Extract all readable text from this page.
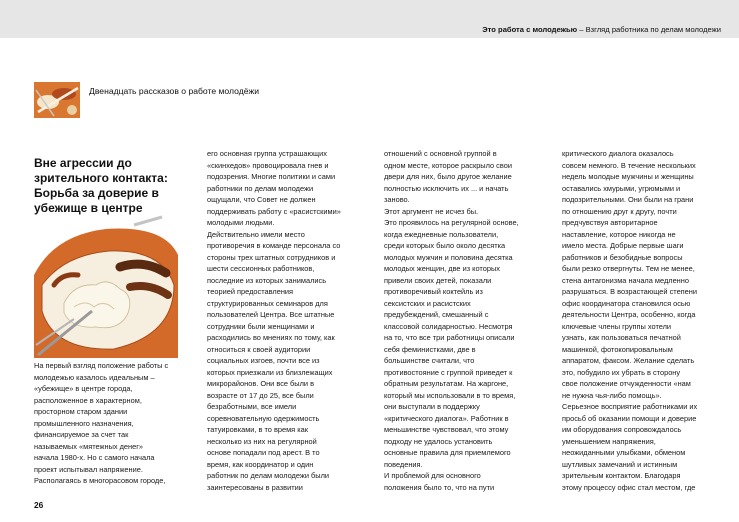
Это работа с молодежью – Взгляд работника по делам молодежи
Двенадцать рассказов о работе молодёжи
Вне агрессии до зрительного контакта: Борьба за доверие в убежище в центре
На первый взгляд положение работы с
молодежью казалось идеальным –
«убежище» в центре города,
расположенное в характерном,
просторном старом здании
промышленного назначения,
финансируемое за счет так
называемых «мятежных денег»
начала 1980-х. Но с самого начала
проект испытывал напряжение.
Располагаясь в многорасовом городе,
его основная группа устрашающих
«скинхедов» провоцировала гнев и
подозрения. Многие политики и сами
работники по делам молодежи
ощущали, что Совет не должен
поддерживать работу с «расистскими»
молодыми людьми.
Действительно имели место
противоречия в команде персонала со
стороны трех штатных сотрудников и
шести сессионных работников,
последние из которых занимались
теорией предоставления
структурированных семинаров для
пользователей Центра. Все штатные
сотрудники были женщинами и
расходились во мнениях по тому, как
относиться к своей аудитории
социальных изгоев, почти все из
которых приезжали из близлежащих
микрорайонов. Они все были в
возрасте от 17 до 25, все были
безработными, все имели
соревновательную одержимость
татуировками, в то время как
несколько из них на регулярной
основе попадали под арест. В то
время, как координатор и один
работник по делам молодежи были
заинтересованы в развитии
отношений с основной группой в
одном месте, которое раскрыло свои
двери для них, было другое желание
полностью исключить их ... и начать
заново.
Этот аргумент не исчез бы.
Это проявилось на регулярной основе,
когда ежедневные пользователи,
среди которых было около десятка
молодых мужчин и половина десятка
молодых женщин, две из которых
привели своих детей, показали
противоречивый коктейль из
сексистских и расистских
предубеждений, смешанный с
классовой солидарностью. Несмотря
на то, что все три работницы описали
себя феминистками, две в
большинстве считали, что
противостояние с группой приведет к
обратным результатам. На жаргоне,
который мы использовали в то время,
они выступали в поддержку
«критического диалога». Работник в
меньшинстве чувствовал, что этому
подходу не удалось установить
основные правила для приемлемого
поведения.
И проблемой для основного
положения было то, что на пути
критического диалога оказалось
совсем немного. В течение нескольких
недель молодые мужчины и женщины
оставались хмурыми, угрюмыми и
подозрительными. Они были на грани
по отношению друг к другу, почти
предчувствуя авторитарное
наставление, которое никогда не
имело места. Добрые первые шаги
работников и безобидные вопросы
были резко отвергнуты. Тем не менее,
стена антагонизма начала медленно
разрушаться. В возрастающей степени
офис координатора становился осью
деятельности Центра, особенно, когда
ключевые члены группы хотели
узнать, как пользоваться печатной
машинкой, фотокопировальным
аппаратом, факсом. Желание сделать
это, побудило их убрать в сторону
свое положение отчужденности «нам
не нужна чья-либо помощь».
Серьезное восприятие работниками их
просьб об оказании помощи и доверие
им оборудования сопровождалось
уменьшением напряжения,
неожиданными улыбками, обменом
шутливых замечаний и истинным
зрительным контактом. Благодаря
этому процессу офис стал местом, где
26
